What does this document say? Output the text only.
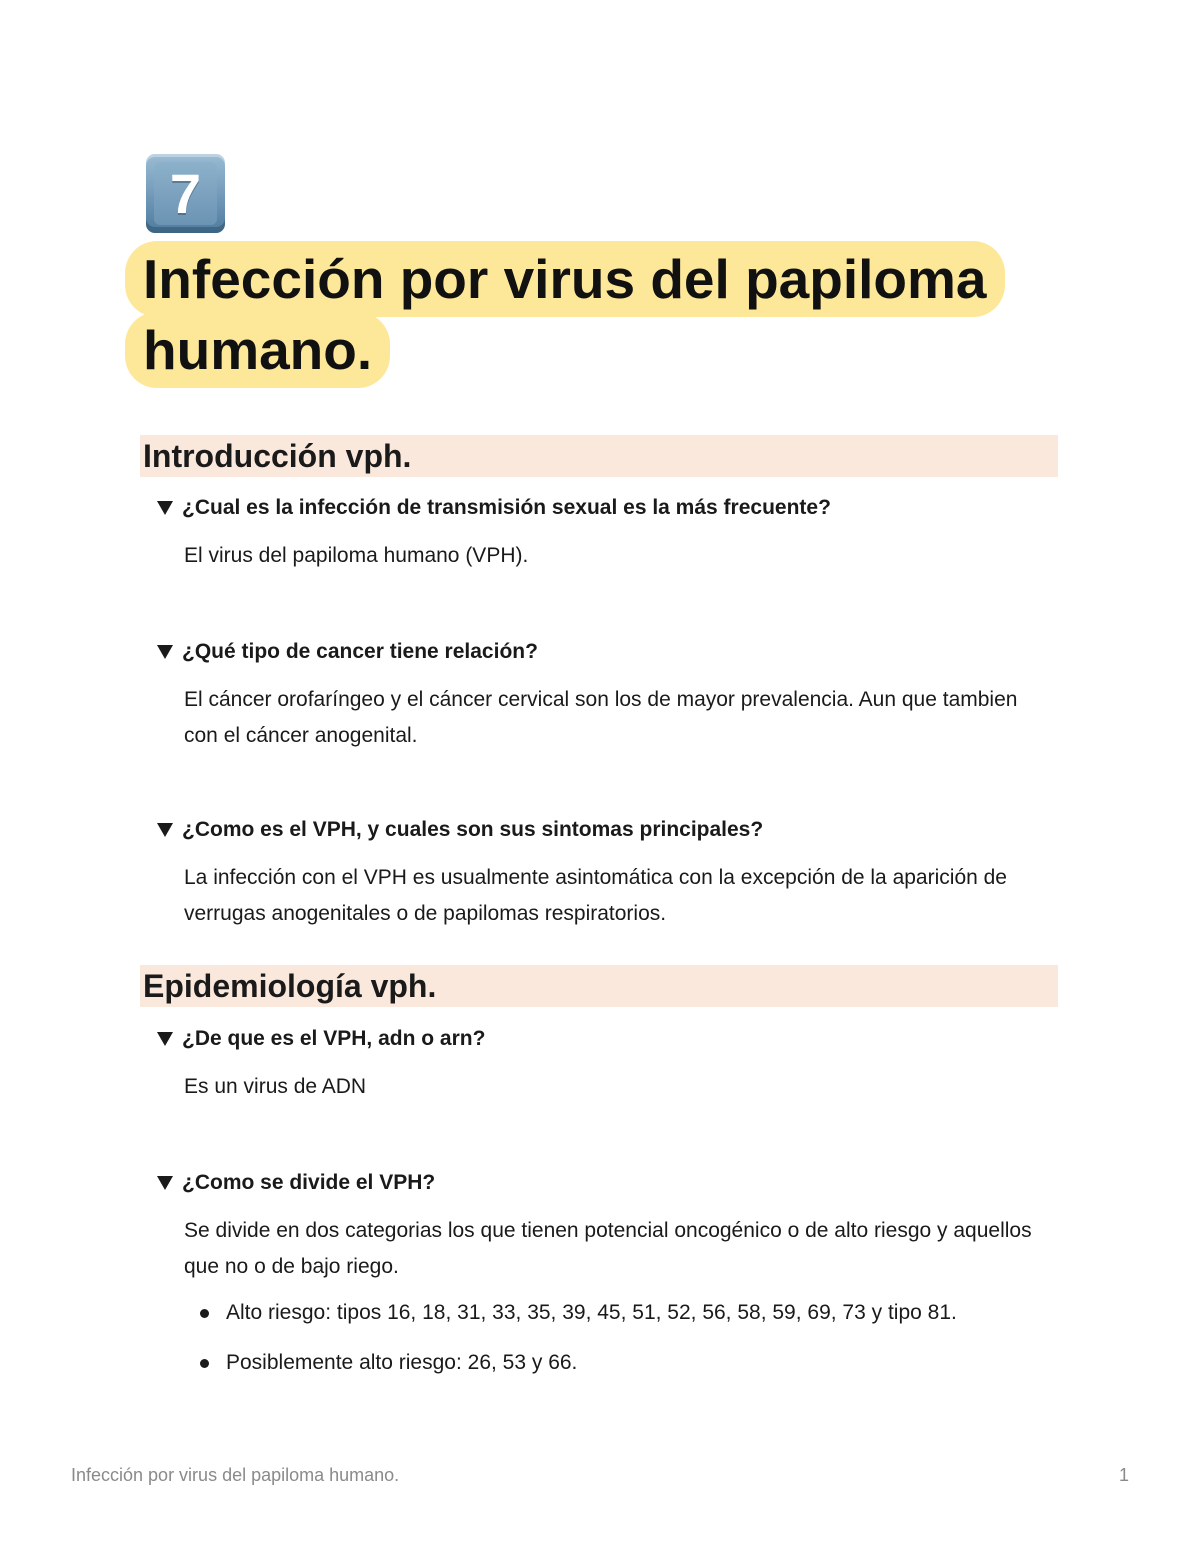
7
Infección por virus del papiloma humano.
Introducción vph.
¿Cual es la infección de transmisión sexual es la más frecuente?

El virus del papiloma humano (VPH).

¿Qué tipo de cancer tiene relación?

El cáncer orofaríngeo y el cáncer cervical son los de mayor prevalencia. Aun que tambien con el cáncer anogenital.

¿Como es el VPH, y cuales son sus sintomas principales?

La infección con el VPH es usualmente asintomática con la excepción de la aparición de verrugas anogenitales o de papilomas respiratorios.

Epidemiología vph.
¿De que es el VPH, adn o arn?

Es un virus de ADN

¿Como se divide el VPH?

Se divide en dos categorias los que tienen potencial oncogénico o de alto riesgo y aquellos que no o de bajo riego.

Alto riesgo: tipos 16, 18, 31, 33, 35, 39, 45, 51, 52, 56, 58, 59, 69, 73 y tipo 81.
Posiblemente alto riesgo: 26, 53 y 66.
Infección por virus del papiloma humano.	1
